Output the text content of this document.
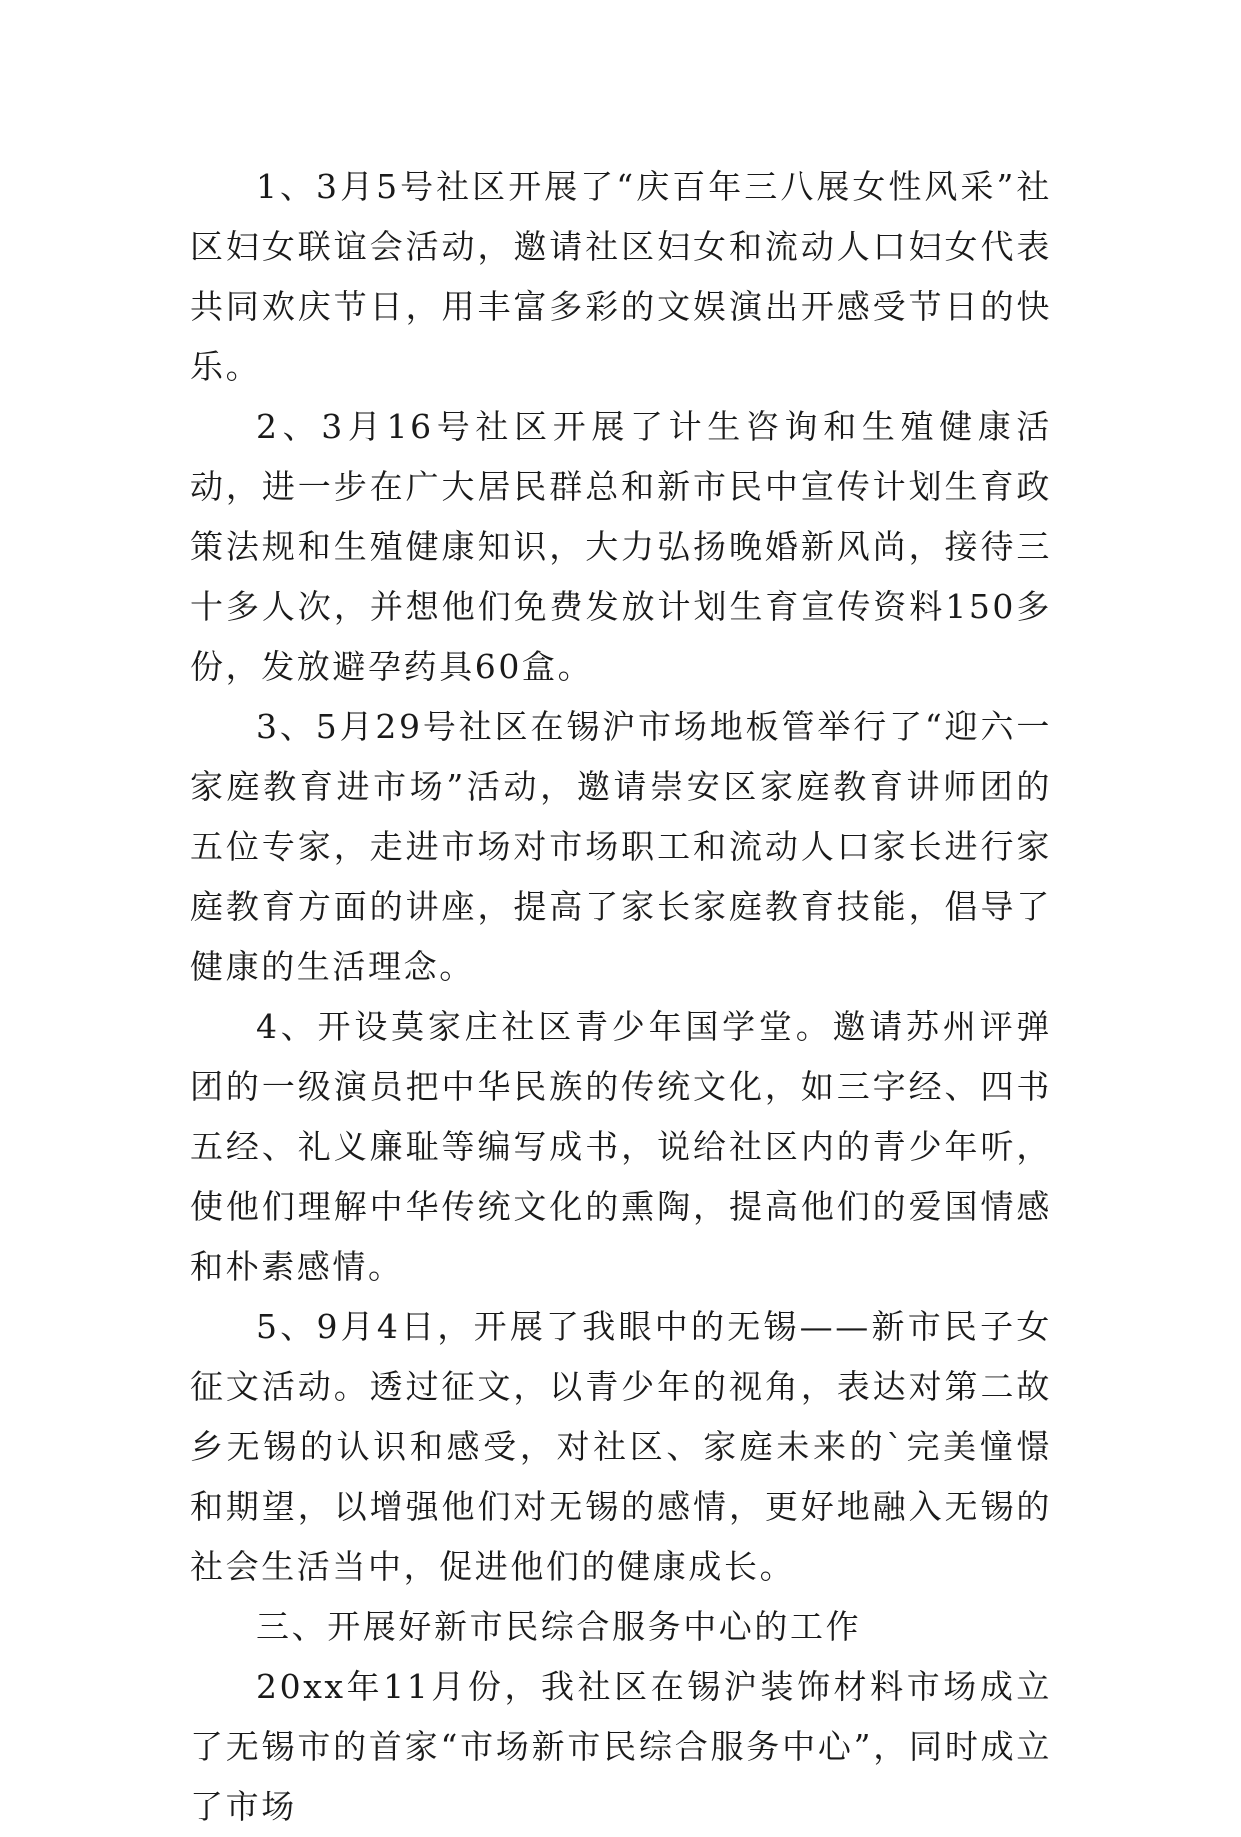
1、3月5号社区开展了“庆百年三八展女性风采”社区妇女联谊会活动，邀请社区妇女和流动人口妇女代表共同欢庆节日，用丰富多彩的文娱演出开感受节日的快乐。

2、3月16号社区开展了计生咨询和生殖健康活动，进一步在广大居民群总和新市民中宣传计划生育政策法规和生殖健康知识，大力弘扬晚婚新风尚，接待三十多人次，并想他们免费发放计划生育宣传资料150多份，发放避孕药具60盒。

3、5月29号社区在锡沪市场地板管举行了“迎六一家庭教育进市场”活动，邀请崇安区家庭教育讲师团的五位专家，走进市场对市场职工和流动人口家长进行家庭教育方面的讲座，提高了家长家庭教育技能，倡导了健康的生活理念。

4、开设莫家庄社区青少年国学堂。邀请苏州评弹团的一级演员把中华民族的传统文化，如三字经、四书五经、礼义廉耻等编写成书，说给社区内的青少年听，使他们理解中华传统文化的熏陶，提高他们的爱国情感和朴素感情。

5、9月4日，开展了我眼中的无锡——新市民子女征文活动。透过征文，以青少年的视角，表达对第二故乡无锡的认识和感受，对社区、家庭未来的`完美憧憬和期望，以增强他们对无锡的感情，更好地融入无锡的社会生活当中，促进他们的健康成长。

三、开展好新市民综合服务中心的工作

20xx年11月份，我社区在锡沪装饰材料市场成立了无锡市的首家“市场新市民综合服务中心”，同时成立了市场
